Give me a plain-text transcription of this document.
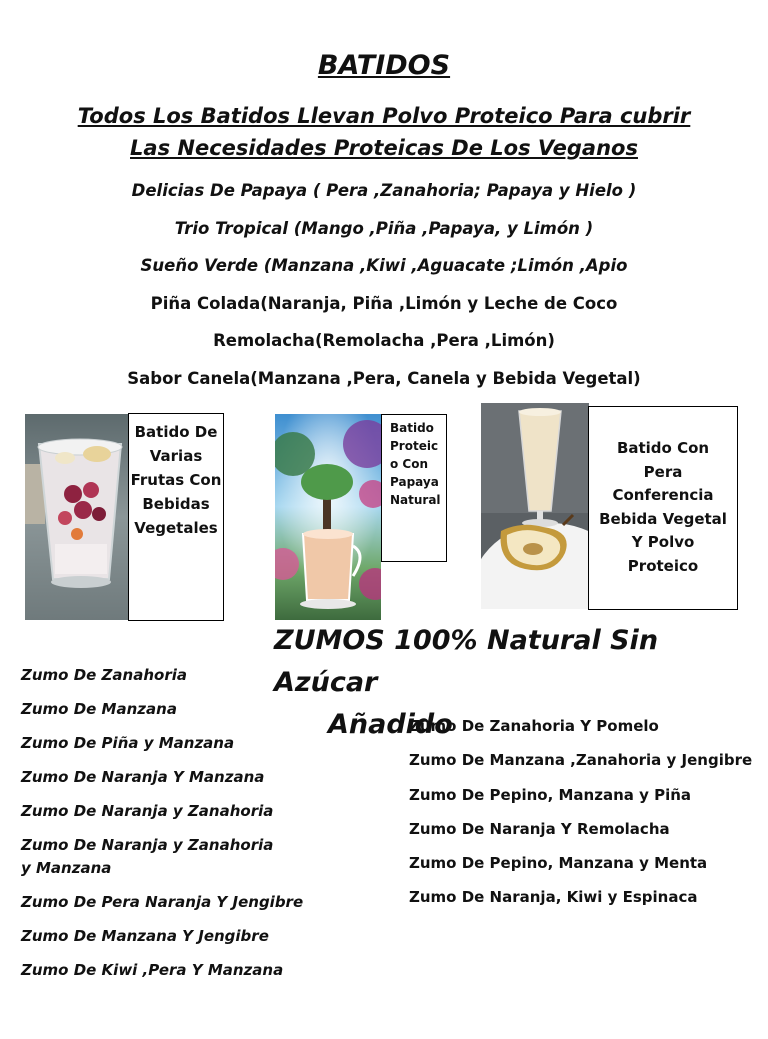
BATIDOS
Todos Los Batidos Llevan Polvo Proteico Para cubrir Las Necesidades Proteicas De Los Veganos
Delicias De Papaya ( Pera ,Zanahoria; Papaya y Hielo )
Trio Tropical (Mango ,Piña ,Papaya, y Limón )
Sueño Verde (Manzana ,Kiwi ,Aguacate ;Limón ,Apio
Piña Colada(Naranja, Piña ,Limón y Leche de Coco
Remolacha(Remolacha ,Pera ,Limón)
Sabor Canela(Manzana ,Pera, Canela y Bebida Vegetal)
Batido De Varias Frutas Con Bebidas Vegetales
Batido Proteic o Con Papaya Natural
Batido Con Pera Conferencia Bebida Vegetal Y Polvo Proteico
ZUMOS 100% Natural Sin Azúcar
Añadido
Zumo De Zanahoria
Zumo De Manzana
Zumo De Piña y Manzana
Zumo De Naranja Y Manzana
Zumo De Naranja y Zanahoria
Zumo De Naranja y Zanahoria y Manzana
Zumo De Pera Naranja Y Jengibre
Zumo De Manzana Y Jengibre
Zumo De Kiwi ,Pera Y Manzana
Zumo De Zanahoria Y Pomelo
Zumo De Manzana ,Zanahoria y Jengibre
Zumo De Pepino, Manzana y Piña
Zumo De Naranja Y Remolacha
Zumo De Pepino, Manzana y Menta
Zumo De Naranja, Kiwi y Espinaca
